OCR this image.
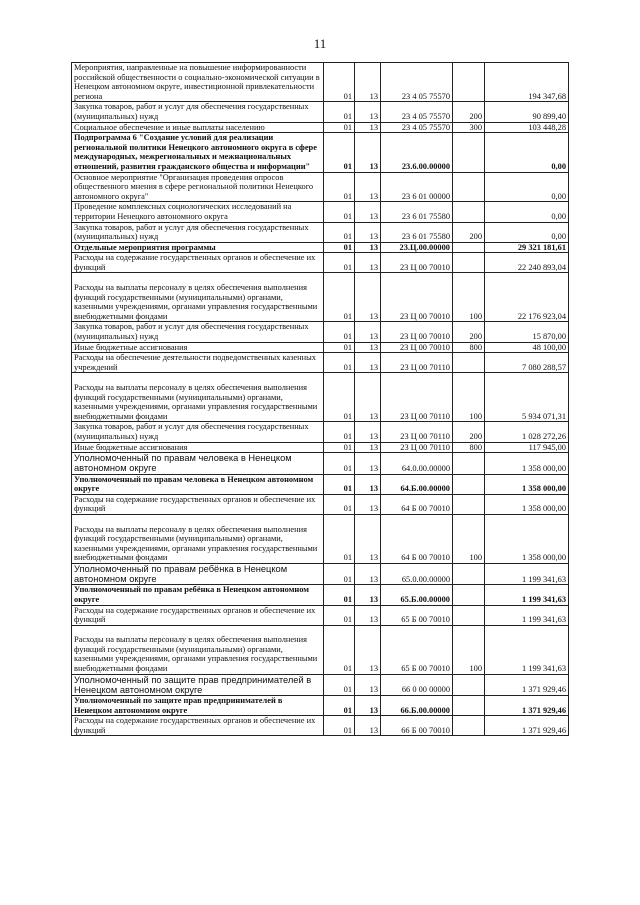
11
Мероприятия, направленные на повышение информированности российской общественности о социально-экономической ситуации в Ненецком автономном округе, инвестиционной привлекательности региона	01	13	23 4 05 75570		194 347,68
Закупка товаров, работ и услуг для обеспечения государственных (муниципальных) нужд	01	13	23 4 05 75570	200	90 899,40
Социальное обеспечение и иные выплаты населению	01	13	23 4 05 75570	300	103 448,28
Подпрограмма 6 "Создание условий для реализации региональной политики Ненецкого автономного округа в сфере международных, межрегиональных и межнациональных отношений, развития гражданского общества и информации"	01	13	23.6.00.00000		0,00
Основное мероприятие "Организация проведения опросов общественного мнения в сфере региональной политики Ненецкого автономного округа"	01	13	23 6 01 00000		0,00
Проведение комплексных социологических исследований на территории Ненецкого автономного округа	01	13	23 6 01 75580		0,00
Закупка товаров, работ и услуг для обеспечения государственных (муниципальных) нужд	01	13	23 6 01 75580	200	0,00
Отдельные мероприятия программы	01	13	23.Ц.00.00000		29 321 181,61
Расходы на содержание государственных органов и обеспечение их функций	01	13	23 Ц 00 70010		22 240 893,04

Расходы на выплаты персоналу в целях обеспечения выполнения функций государственными (муниципальными) органами, казенными учреждениями, органами управления государственными внебюджетными фондами	01	13	23 Ц 00 70010	100	22 176 923,04
Закупка товаров, работ и услуг для обеспечения государственных (муниципальных) нужд	01	13	23 Ц 00 70010	200	15 870,00
Иные бюджетные ассигнования	01	13	23 Ц 00 70010	800	48 100,00
Расходы на обеспечение деятельности подведомственных казенных учреждений	01	13	23 Ц 00 70110		7 080 288,57

Расходы на выплаты персоналу в целях обеспечения выполнения функций государственными (муниципальными) органами, казенными учреждениями, органами управления государственными внебюджетными фондами	01	13	23 Ц 00 70110	100	5 934 071,31
Закупка товаров, работ и услуг для обеспечения государственных (муниципальных) нужд	01	13	23 Ц 00 70110	200	1 028 272,26
Иные бюджетные ассигнования	01	13	23 Ц 00 70110	800	117 945,00
Уполномоченный по правам человека в Ненецком автономном округе	01	13	64.0.00.00000		1 358 000,00
Уполномоченный по правам человека в Ненецком автономном округе	01	13	64.Б.00.00000		1 358 000,00
Расходы на содержание государственных органов и обеспечение их функций	01	13	64 Б 00 70010		1 358 000,00

Расходы на выплаты персоналу в целях обеспечения выполнения функций государственными (муниципальными) органами, казенными учреждениями, органами управления государственными внебюджетными фондами	01	13	64 Б 00 70010	100	1 358 000,00
Уполномоченный по правам ребёнка в Ненецком автономном округе	01	13	65.0.00.00000		1 199 341,63
Уполномоченный по правам ребёнка в Ненецком автономном округе	01	13	65.Б.00.00000		1 199 341,63
Расходы на содержание государственных органов и обеспечение их функций	01	13	65 Б 00 70010		1 199 341,63

Расходы на выплаты персоналу в целях обеспечения выполнения функций государственными (муниципальными) органами, казенными учреждениями, органами управления государственными внебюджетными фондами	01	13	65 Б 00 70010	100	1 199 341,63
Уполномоченный по защите прав предпринимателей в Ненецком автономном округе	01	13	66 0 00 00000		1 371 929,46
Уполномоченный по защите прав предпринимателей в Ненецком автономном округе	01	13	66.Б.00.00000		1 371 929,46
Расходы на содержание государственных органов и обеспечение их функций	01	13	66 Б 00 70010		1 371 929,46
